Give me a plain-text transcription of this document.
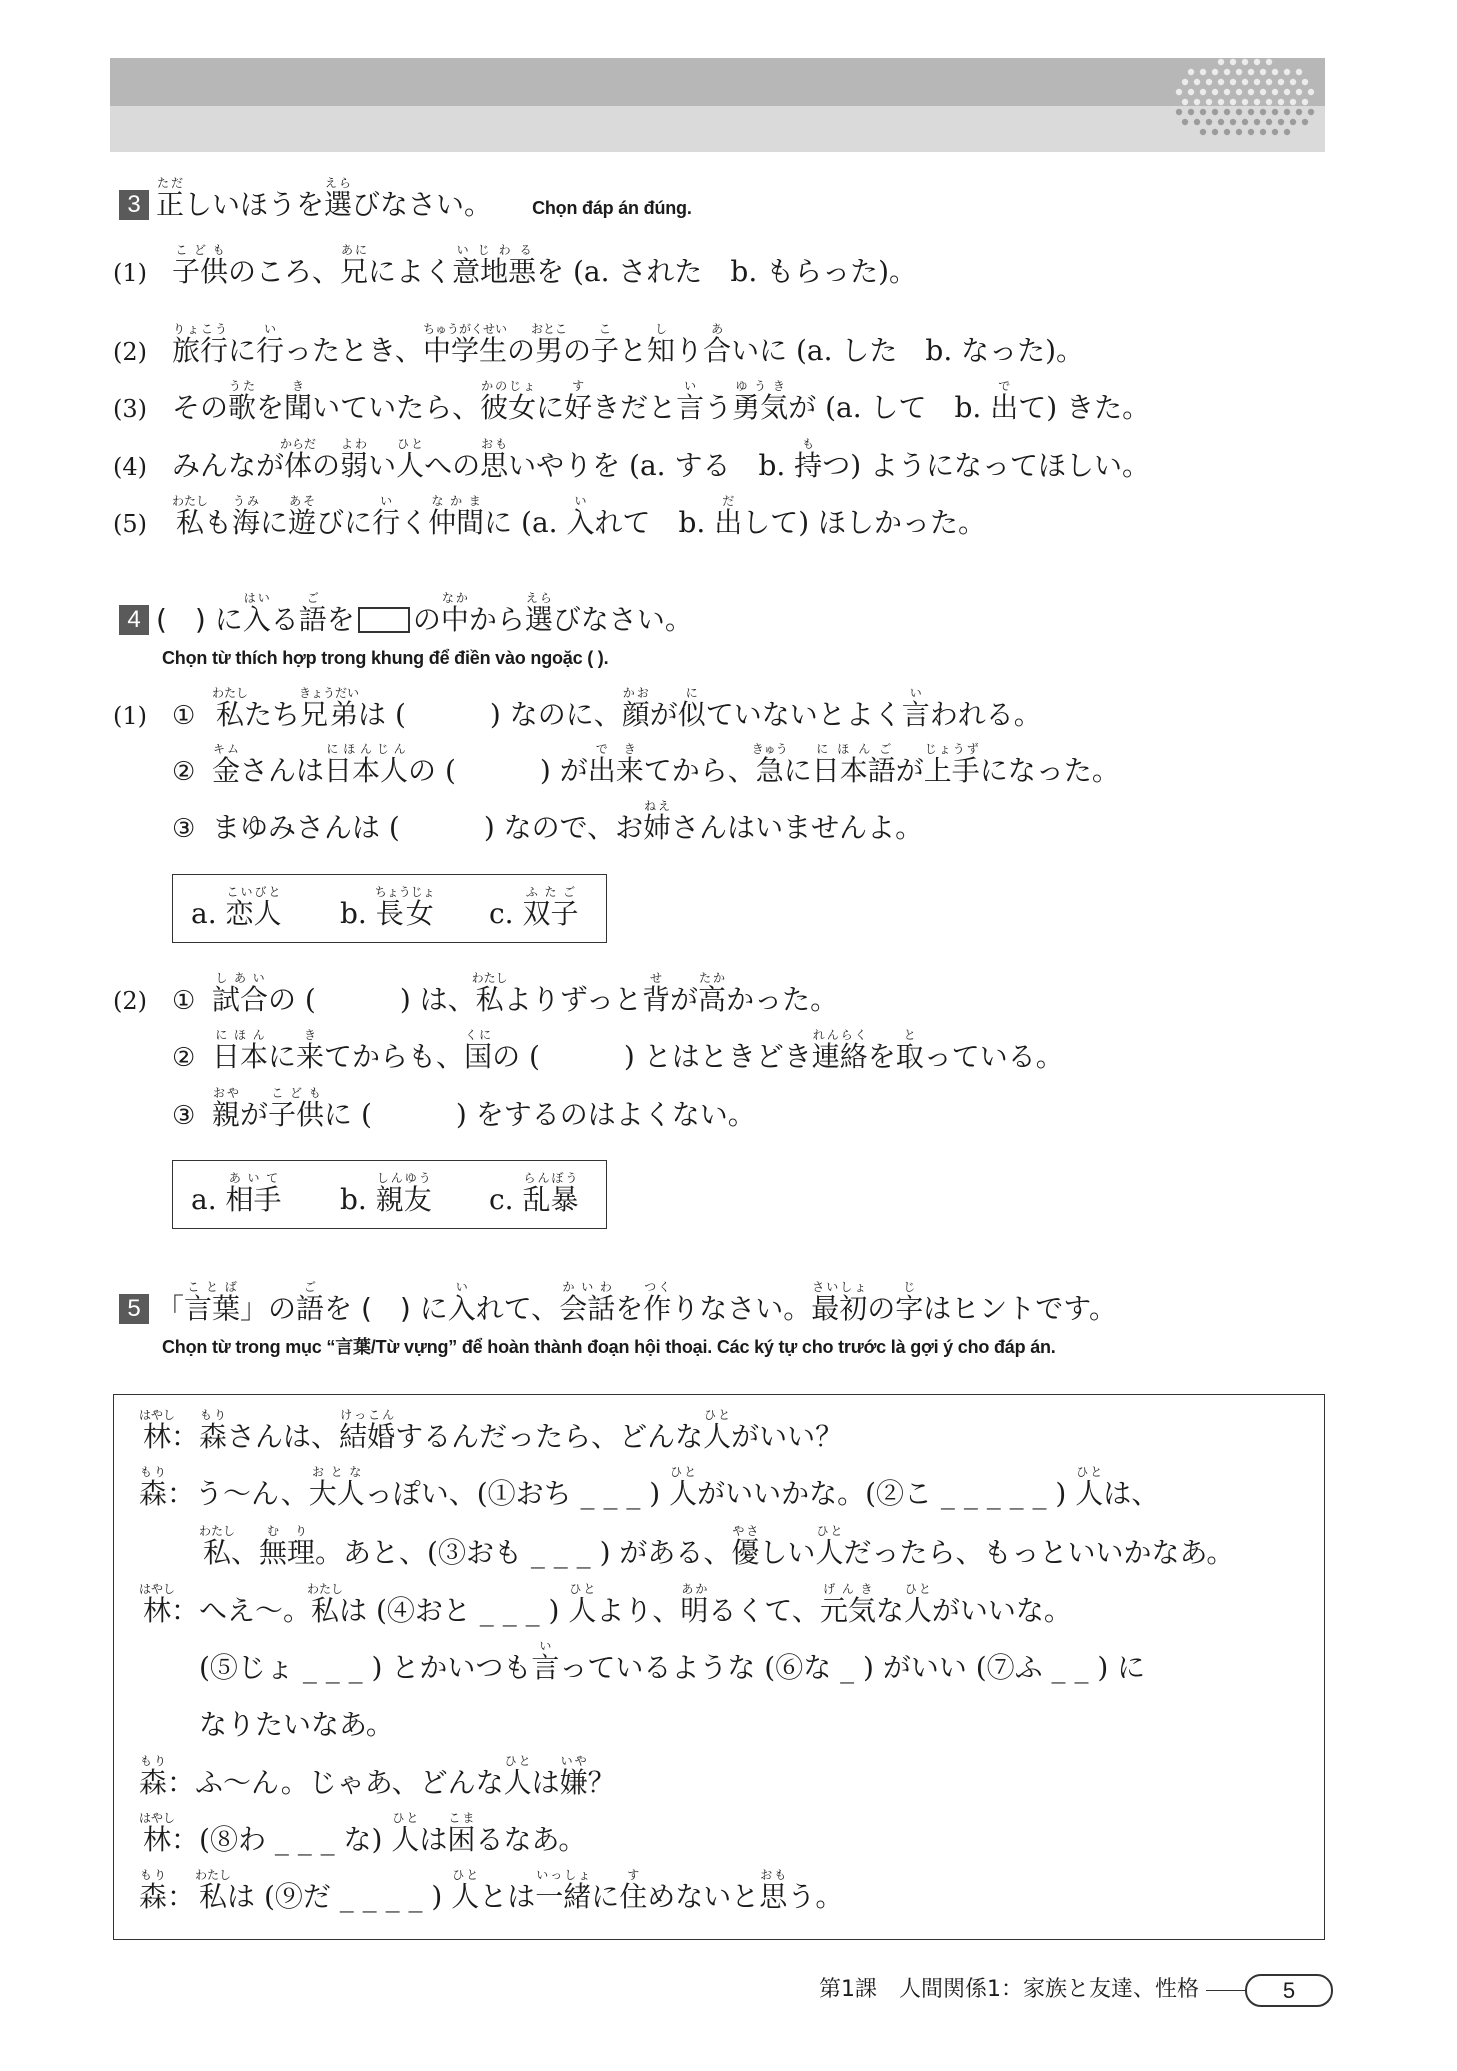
3 正ただしいほうを選えらびなさい。 Chọn đáp án đúng.
(1) 子供こどものころ、兄あにによく意地悪いじわるを (a. された　b. もらった)。
(2) 旅行りょこうに行いったとき、中学生ちゅうがくせいの男おとこの子こと知しり合あいに (a. した　b. なった)。
(3) その歌うたを聞きいていたら、彼女かのじょに好すきだと言いう勇気ゆうきが (a. して　b. 出でて) きた。
(4) みんなが体からだの弱よわい人ひとへの思おもいやりを (a. する　b. 持もつ) ようになってほしい。
(5) 私わたしも海うみに遊あそびに行いく仲間なかまに (a. 入いれて　b. 出だして) ほしかった。
4 (　) に入はいる語ごを の中なかから選えらびなさい。
Chọn từ thích hợp trong khung để điền vào ngoặc ( ).
(1) ① 私わたしたち兄弟きょうだいは (　　　) なのに、顔かおが似にていないとよく言いわれる。
② 金キムさんは日本人にほんじんの (　　　) が出来できてから、急きゅうに日本語にほんごが上手じょうずになった。
③ まゆみさんは (　　　) なので、お姉ねえさんはいませんよ。
a. 恋人こいびと
b. 長女ちょうじょ
c. 双子ふたご
(2) ① 試合しあいの (　　　) は、私わたしよりずっと背せが高たかかった。
② 日本にほんに来きてからも、国くにの (　　　) とはときどき連絡れんらくを取とっている。
③ 親おやが子供こどもに (　　　) をするのはよくない。
a. 相手あいて
b. 親友しんゆう
c. 乱暴らんぼう
5 「言葉ことば」の語ごを (　) に入いれて、会話かいわを作つくりなさい。最初さいしょの字じはヒントです。
Chọn từ trong mục “言葉/Từ vựng” để hoàn thành đoạn hội thoại. Các ký tự cho trước là gợi ý cho đáp án.
林はやし： 森もりさんは、結婚けっこんするんだったら、どんな人ひとがいい？
森もり： う～ん、大人おとなっぽい、(①おち _ _ _ ) 人ひとがいいかな。(②こ _ _ _ _ _ ) 人ひとは、
私わたし、無理むり。あと、(③おも _ _ _ ) がある、優やさしい人ひとだったら、もっといいかなあ。
林はやし： へえ～。私わたしは (④おと _ _ _ ) 人ひとより、明あかるくて、元気げんきな人ひとがいいな。
(⑤じょ _ _ _ ) とかいつも言いっているような (⑥な _ ) がいい (⑦ふ _ _ ) に
なりたいなあ。
森もり： ふ～ん。じゃあ、どんな人ひとは嫌いや？
林はやし： (⑧わ _ _ _ な) 人ひとは困こまるなあ。
森もり： 私わたしは (⑨だ _ _ _ _ ) 人ひととは一緒いっしょに住すめないと思おもう。
第1課　人間関係1：家族と友達、性格	5
